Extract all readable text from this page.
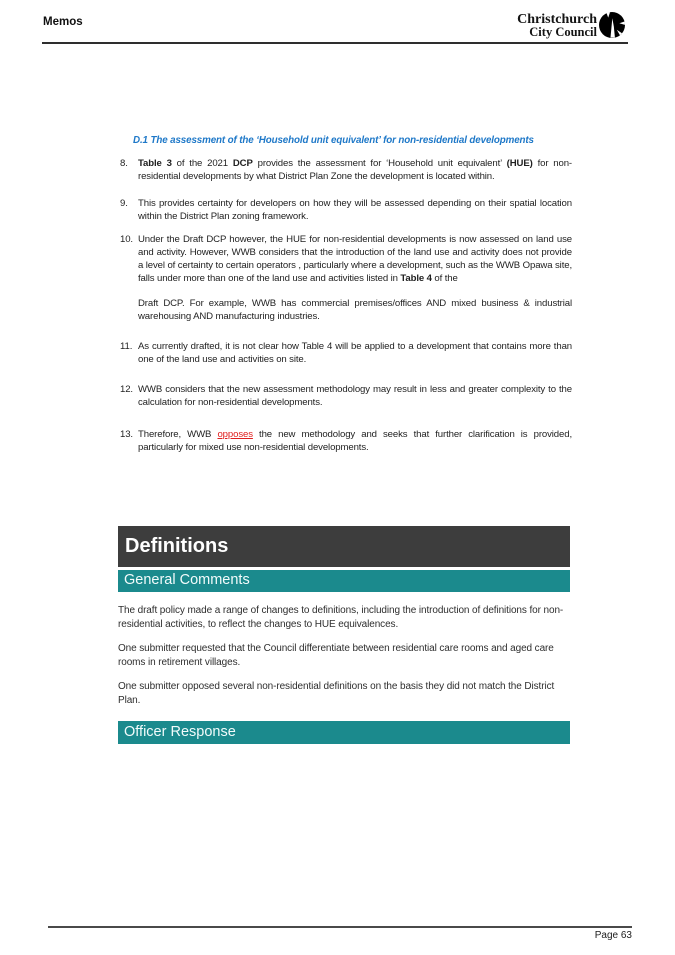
Memos	Christchurch
City Council
D.1 The assessment of the ‘Household unit equivalent’ for non-residential developments
8.	Table 3 of the 2021 DCP provides the assessment for ‘Household unit equivalent’ (HUE) for non-residential developments by what District Plan Zone the development is located within.
9.	This provides certainty for developers on how they will be assessed depending on their spatial location within the District Plan zoning framework.
10. Under the Draft DCP however, the HUE for non-residential developments is now assessed on land use and activity. However, WWB considers that the introduction of the land use and activity does not provide a level of certainty to certain operators , particularly where a development, such as the WWB Opawa site, falls under more than one of the land use and activities listed in Table 4 of the
Draft DCP. For example, WWB has commercial premises/offices AND mixed business & industrial warehousing AND manufacturing industries.
11. As currently drafted, it is not clear how Table 4 will be applied to a development that contains more than one of the land use and activities on site.
12. WWB considers that the new assessment methodology may result in less and greater complexity to the calculation for non-residential developments.
13. Therefore, WWB opposes the new methodology and seeks that further clarification is provided, particularly for mixed use non-residential developments.
Definitions
General Comments
The draft policy made a range of changes to definitions, including the introduction of definitions for non-residential activities, to reflect the changes to HUE equivalences.
One submitter requested that the Council differentiate between residential care rooms and aged care rooms in retirement villages.
One submitter opposed several non-residential definitions on the basis they did not match the District Plan.
Officer Response
Page 63
